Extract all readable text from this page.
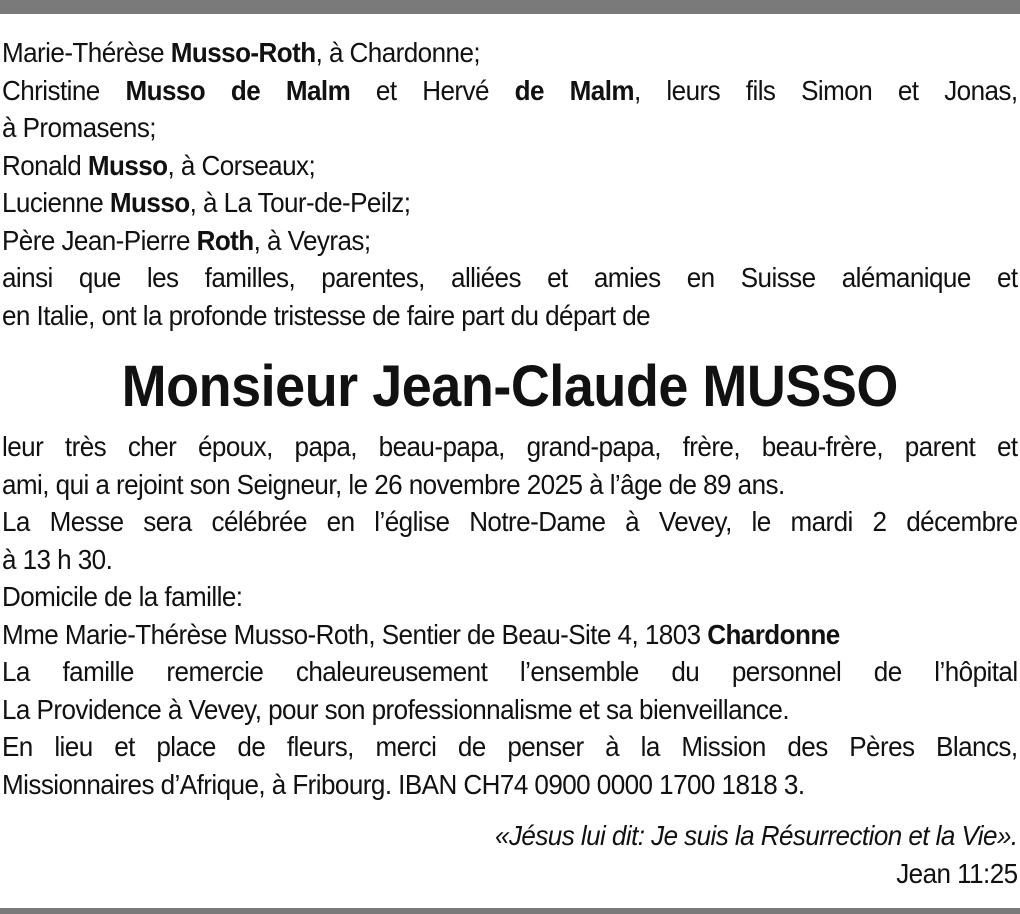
Marie-Thérèse Musso-Roth, à Chardonne;
Christine Musso de Malm et Hervé de Malm, leurs fils Simon et Jonas,
à Promasens;
Ronald Musso, à Corseaux;
Lucienne Musso, à La Tour-de-Peilz;
Père Jean-Pierre Roth, à Veyras;
ainsi que les familles, parentes, alliées et amies en Suisse alémanique et
en Italie, ont la profonde tristesse de faire part du départ de
Monsieur Jean-Claude MUSSO
leur très cher époux, papa, beau-papa, grand-papa, frère, beau-frère, parent et
ami, qui a rejoint son Seigneur, le 26 novembre 2025 à l’âge de 89 ans.
La Messe sera célébrée en l’église Notre-Dame à Vevey, le mardi 2 décembre
à 13 h 30.
Domicile de la famille:
Mme Marie-Thérèse Musso-Roth, Sentier de Beau-Site 4, 1803 Chardonne
La famille remercie chaleureusement l’ensemble du personnel de l’hôpital
La Providence à Vevey, pour son professionnalisme et sa bienveillance.
En lieu et place de fleurs, merci de penser à la Mission des Pères Blancs,
Missionnaires d’Afrique, à Fribourg. IBAN CH74 0900 0000 1700 1818 3.
«Jésus lui dit: Je suis la Résurrection et la Vie».
Jean 11:25
